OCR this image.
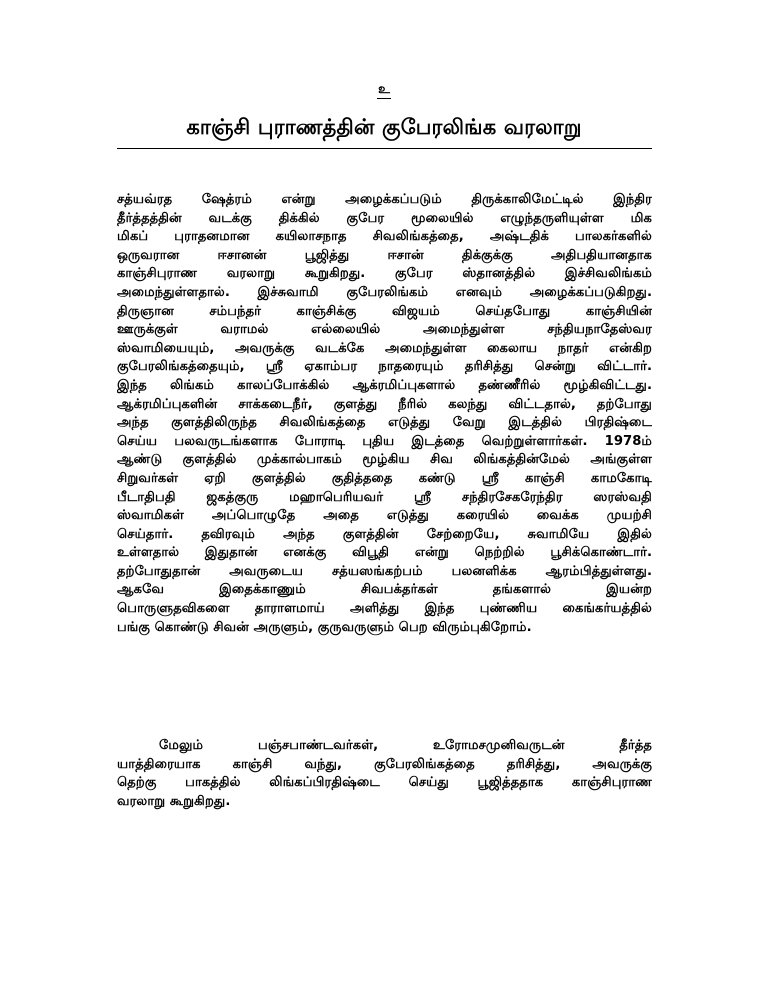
உ
காஞ்சி புராணத்தின் குபேரலிங்க வரலாறு
சத்யவ்ரத ஷேத்ரம் என்று அழைக்கப்படும் திருக்காலிமேட்டில் இந்திர
தீர்த்தத்தின் வடக்கு திக்கில் குபேர மூலையில் எழுந்தருளியுள்ள மிக
மிகப் புராதனமான கயிலாசநாத சிவலிங்கத்தை, அஷ்டதிக் பாலகர்களில்
ஒருவரான ஈசானன் பூஜித்து ஈசான் திக்குக்கு அதிபதியானதாக
காஞ்சிபுராண வரலாறு கூறுகிறது. குபேர ஸ்தானத்தில் இச்சிவலிங்கம்
அமைந்துள்ளதால். இச்சுவாமி குபேரலிங்கம் எனவும் அழைக்கப்படுகிறது.
திருஞான சம்பந்தர் காஞ்சிக்கு விஜயம் செய்தபோது காஞ்சியின்
ஊருக்குள் வராமல் எல்லையில் அமைந்துள்ள சந்தியநாதேஸ்வர
ஸ்வாமியையும், அவருக்கு வடக்கே அமைந்துள்ள கைலாய நாதர் என்கிற
குபேரலிங்கத்தையும், ஸ்ரீ ஏகாம்பர நாதரையும் தரிசித்து சென்று விட்டார்.
இந்த லிங்கம் காலப்போக்கில் ஆக்ரமிப்புகளால் தண்ணீரில் மூழ்கிவிட்டது.
ஆக்ரமிப்புகளின் சாக்கடைநீர், குளத்து நீரில் கலந்து விட்டதால், தற்போது
அந்த குளத்திலிருந்த சிவலிங்கத்தை எடுத்து வேறு இடத்தில் பிரதிஷ்டை
செய்ய பலவருடங்களாக போராடி புதிய இடத்தை வெற்றுள்ளார்கள். 1978ம்
ஆண்டு குளத்தில் முக்கால்பாகம் மூழ்கிய சிவ லிங்கத்தின்மேல் அங்குள்ள
சிறுவர்கள் ஏறி குளத்தில் குதித்ததை கண்டு ஸ்ரீ காஞ்சி காமகோடி
பீடாதிபதி ஜகத்குரு மஹாபெரியவர் ஸ்ரீ சந்திரசேகரேந்திர ஸரஸ்வதி
ஸ்வாமிகள் அப்பொழுதே அதை எடுத்து கரையில் வைக்க முயற்சி
செய்தார். தவிரவும் அந்த குளத்தின் சேற்றையே, சுவாமியே இதில்
உள்ளதால் இதுதான் எனக்கு விபூதி என்று நெற்றில் பூசிக்கொண்டார்.
தற்போதுதான் அவருடைய சத்யஸங்கற்பம் பலனளிக்க ஆரம்பித்துள்ளது.
ஆகவே இதைக்காணும் சிவபக்தர்கள் தங்களால் இயன்ற
பொருளுதவிகளை தாராளமாய் அளித்து இந்த புண்ணிய கைங்கர்யத்தில்
பங்கு கொண்டு சிவன் அருளும், குருவருளும் பெற விரும்புகிறோம்.
மேலும் பஞ்சபாண்டவர்கள், உரோமசமுனிவருடன் தீர்த்த
யாத்திரையாக காஞ்சி வந்து, குபேரலிங்கத்தை தரிசித்து, அவருக்கு
தெற்கு பாகத்தில் லிங்கப்பிரதிஷ்டை செய்து பூஜித்ததாக காஞ்சிபுராண
வரலாறு கூறுகிறது.
